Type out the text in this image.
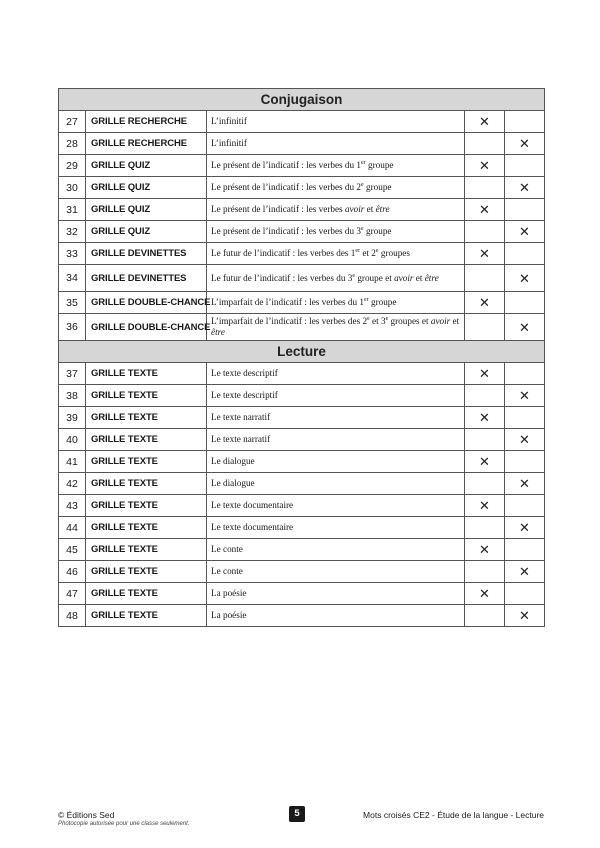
Conjugaison				
27	GRILLE RECHERCHE	L’infinitif	✕	
28	GRILLE RECHERCHE	L’infinitif		✕
29	GRILLE QUIZ	Le présent de l’indicatif : les verbes du 1er groupe	✕	
30	GRILLE QUIZ	Le présent de l’indicatif : les verbes du 2e groupe		✕
31	GRILLE QUIZ	Le présent de l’indicatif : les verbes avoir et être	✕	
32	GRILLE QUIZ	Le présent de l’indicatif : les verbes du 3e groupe		✕
33	GRILLE DEVINETTES	Le futur de l’indicatif : les verbes des 1er et 2e groupes	✕	
34	GRILLE DEVINETTES	Le futur de l’indicatif : les verbes du 3e groupe et avoir et être		✕
35	GRILLE DOUBLE-CHANCE	L’imparfait de l’indicatif : les verbes du 1er groupe	✕	
36	GRILLE DOUBLE-CHANCE	L’imparfait de l’indicatif : les verbes des 2e et 3e groupes et avoir et être		✕
Lecture				
37	GRILLE TEXTE	Le texte descriptif	✕	
38	GRILLE TEXTE	Le texte descriptif		✕
39	GRILLE TEXTE	Le texte narratif	✕	
40	GRILLE TEXTE	Le texte narratif		✕
41	GRILLE TEXTE	Le dialogue	✕	
42	GRILLE TEXTE	Le dialogue		✕
43	GRILLE TEXTE	Le texte documentaire	✕	
44	GRILLE TEXTE	Le texte documentaire		✕
45	GRILLE TEXTE	Le conte	✕	
46	GRILLE TEXTE	Le conte		✕
47	GRILLE TEXTE	La poésie	✕	
48	GRILLE TEXTE	La poésie		✕
© Éditions Sed
Photocopie autorisée pour une classe seulement.
5	Mots croisés CE2 - Étude de la langue - Lecture
